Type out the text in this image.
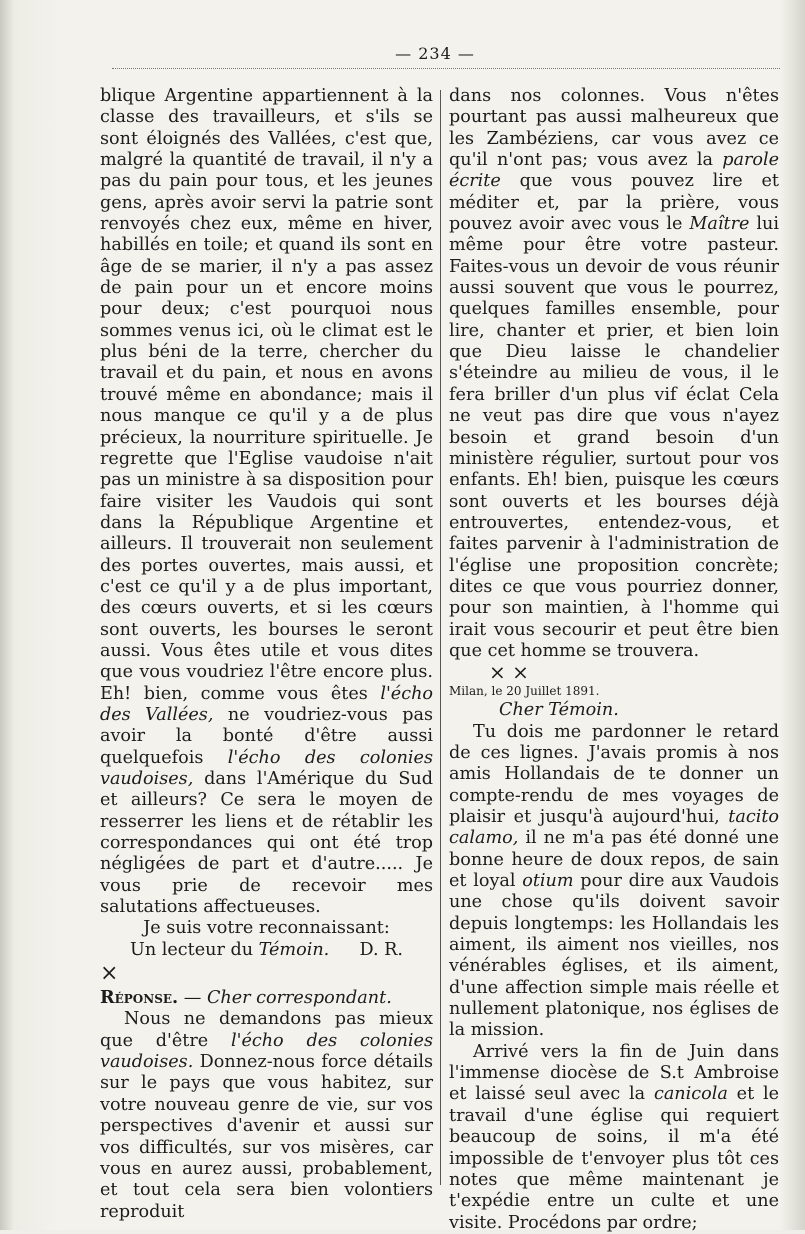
— 234 —

blique Argentine appartiennent à la classe des travailleurs, et s'ils se sont éloignés des Vallées, c'est que, malgré la quantité de travail, il n'y a pas du pain pour tous, et les jeunes gens, après avoir servi la patrie sont renvoyés chez eux, même en hiver, habillés en toile; et quand ils sont en âge de se marier, il n'y a pas assez de pain pour un et encore moins pour deux; c'est pourquoi nous sommes venus ici, où le climat est le plus béni de la terre, chercher du travail et du pain, et nous en avons trouvé même en abondance; mais il nous manque ce qu'il y a de plus précieux, la nourriture spirituelle. Je regrette que l'Eglise vaudoise n'ait pas un ministre à sa disposition pour faire visiter les Vaudois qui sont dans la République Argentine et ailleurs. Il trouverait non seulement des portes ouvertes, mais aussi, et c'est ce qu'il y a de plus important, des cœurs ouverts, et si les cœurs sont ouverts, les bourses le seront aussi. Vous êtes utile et vous dites que vous voudriez l'être encore plus. Eh! bien, comme vous êtes l'écho des Vallées, ne voudriez-vous pas avoir la bonté d'être aussi quelquefois l'écho des colonies vaudoises, dans l'Amérique du Sud et ailleurs? Ce sera le moyen de resserrer les liens et de rétablir les correspondances qui ont été trop négligées de part et d'autre..... Je vous prie de recevoir mes salutations affectueuses.

Je suis votre reconnaissant:

Un lecteur du Témoin. D. R.

×

Réponse. — Cher correspondant.

Nous ne demandons pas mieux que d'être l'écho des colonies vaudoises. Donnez-nous force détails sur le pays que vous habitez, sur votre nouveau genre de vie, sur vos perspectives d'avenir et aussi sur vos difficultés, sur vos misères, car vous en aurez aussi, probablement, et tout cela sera bien volontiers reproduit

dans nos colonnes. Vous n'êtes pourtant pas aussi malheureux que les Zambéziens, car vous avez ce qu'il n'ont pas; vous avez la parole écrite que vous pouvez lire et méditer et, par la prière, vous pouvez avoir avec vous le Maître lui même pour être votre pasteur. Faites-vous un devoir de vous réunir aussi souvent que vous le pourrez, quelques familles ensemble, pour lire, chanter et prier, et bien loin que Dieu laisse le chandelier s'éteindre au milieu de vous, il le fera briller d'un plus vif éclat Cela ne veut pas dire que vous n'ayez besoin et grand besoin d'un ministère régulier, surtout pour vos enfants. Eh! bien, puisque les cœurs sont ouverts et les bourses déjà entrouvertes, entendez-vous, et faites parvenir à l'administration de l'église une proposition concrète; dites ce que vous pourriez donner, pour son maintien, à l'homme qui irait vous secourir et peut être bien que cet homme se trouvera.

× ×

Milan, le 20 Juillet 1891.

Cher Témoin.

Tu dois me pardonner le retard de ces lignes. J'avais promis à nos amis Hollandais de te donner un compte-rendu de mes voyages de plaisir et jusqu'à aujourd'hui, tacito calamo, il ne m'a pas été donné une bonne heure de doux repos, de sain et loyal otium pour dire aux Vaudois une chose qu'ils doivent savoir depuis longtemps: les Hollandais les aiment, ils aiment nos vieilles, nos vénérables églises, et ils aiment, d'une affection simple mais réelle et nullement platonique, nos églises de la mission.

Arrivé vers la fin de Juin dans l'immense diocèse de S.t Ambroise et laissé seul avec la canicola et le travail d'une église qui requiert beaucoup de soins, il m'a été impossible de t'envoyer plus tôt ces notes que même maintenant je t'expédie entre un culte et une visite. Procédons par ordre;
